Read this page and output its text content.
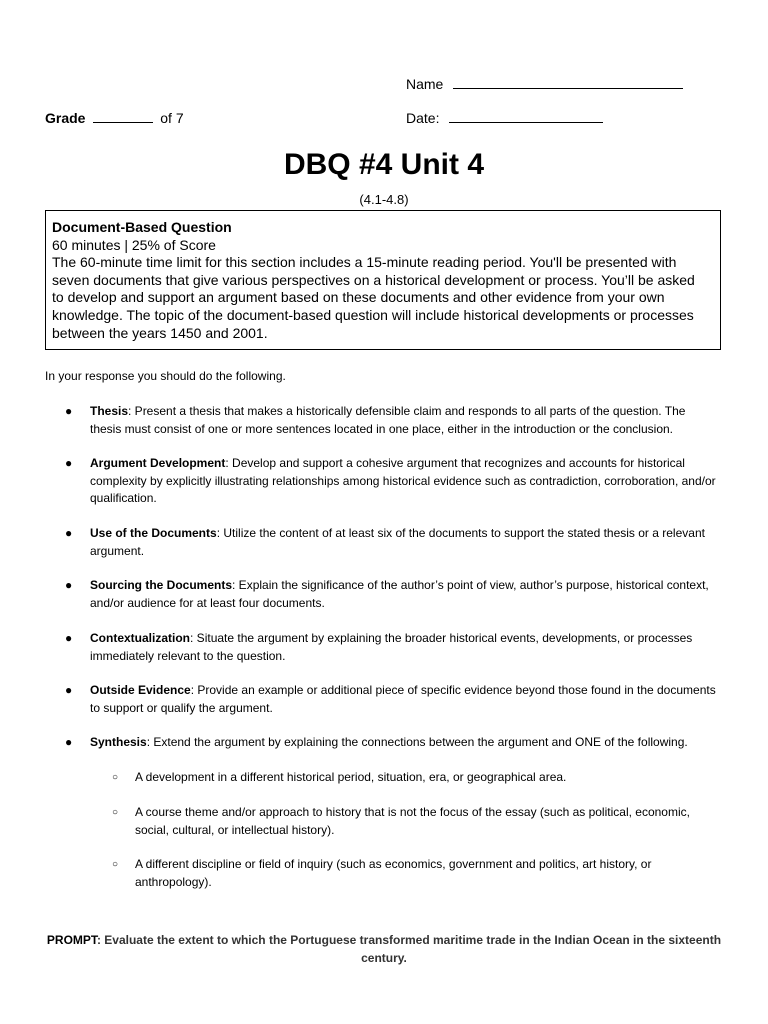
Name
Grade	of 7	Date:
DBQ #4 Unit 4
(4.1-4.8)
Document-Based Question
60 minutes | 25% of Score
The 60-minute time limit for this section includes a 15-minute reading period. You'll be presented with seven documents that give various perspectives on a historical development or process. You’ll be asked to develop and support an argument based on these documents and other evidence from your own knowledge. The topic of the document-based question will include historical developments or processes between the years 1450 and 2001.
In your response you should do the following.
● Thesis: Present a thesis that makes a historically defensible claim and responds to all parts of the question. The thesis must consist of one or more sentences located in one place, either in the introduction or the conclusion.
● Argument Development: Develop and support a cohesive argument that recognizes and accounts for historical complexity by explicitly illustrating relationships among historical evidence such as contradiction, corroboration, and/or qualification.
● Use of the Documents: Utilize the content of at least six of the documents to support the stated thesis or a relevant argument.
● Sourcing the Documents: Explain the significance of the author’s point of view, author’s purpose, historical context, and/or audience for at least four documents.
● Contextualization: Situate the argument by explaining the broader historical events, developments, or processes immediately relevant to the question.
● Outside Evidence: Provide an example or additional piece of specific evidence beyond those found in the documents to support or qualify the argument.
● Synthesis: Extend the argument by explaining the connections between the argument and ONE of the following.
○ A development in a different historical period, situation, era, or geographical area.
○ A course theme and/or approach to history that is not the focus of the essay (such as political, economic, social, cultural, or intellectual history).
○ A different discipline or field of inquiry (such as economics, government and politics, art history, or anthropology).
PROMPT: Evaluate the extent to which the Portuguese transformed maritime trade in the Indian Ocean in the sixteenth century.
